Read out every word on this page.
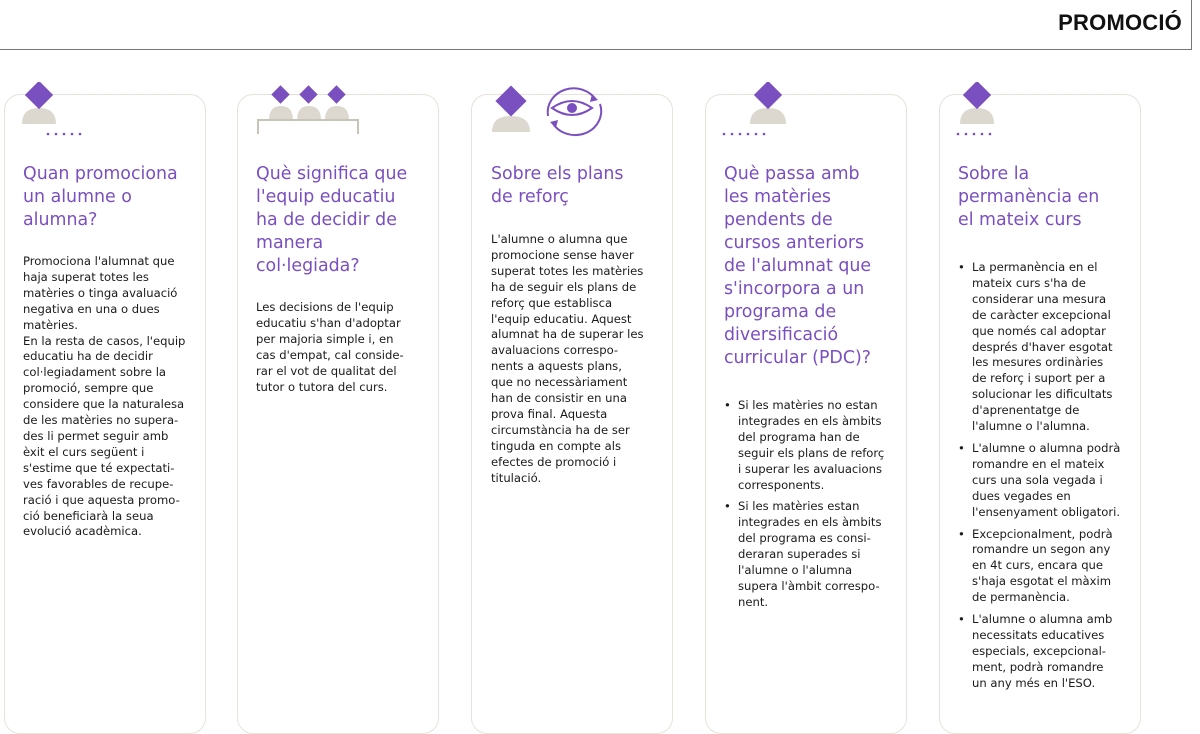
PROMOCIÓ
Quan promociona
un alumne o
alumna?

Promociona l'alumnat que
haja superat totes les
matèries o tinga avaluació
negativa en una o dues
matèries.
En la resta de casos, l'equip
educatiu ha de decidir
col·legiadament sobre la
promoció, sempre que
considere que la naturalesa
de les matèries no supera-
des li permet seguir amb
èxit el curs següent i
s'estime que té expectati-
ves favorables de recupe-
ració i que aquesta promo-
ció beneficiarà la seua
evolució acadèmica.

Què significa que
l'equip educatiu
ha de decidir de
manera
col·legiada?

Les decisions de l'equip
educatiu s'han d'adoptar
per majoria simple i, en
cas d'empat, cal conside-
rar el vot de qualitat del
tutor o tutora del curs.

Sobre els plans
de reforç

L'alumne o alumna que
promocione sense haver
superat totes les matèries
ha de seguir els plans de
reforç que establisca
l'equip educatiu. Aquest
alumnat ha de superar les
avaluacions correspo-
nents a aquests plans,
que no necessàriament
han de consistir en una
prova final. Aquesta
circumstància ha de ser
tinguda en compte als
efectes de promoció i
titulació.

Què passa amb
les matèries
pendents de
cursos anteriors
de l'alumnat que
s'incorpora a un
programa de
diversificació
curricular (PDC)?
• Si les matèries no estan
integrades en els àmbits
del programa han de
seguir els plans de reforç
i superar les avaluacions
corresponents.
• Si les matèries estan
integrades en els àmbits
del programa es consi-
deraran superades si
l'alumne o l'alumna
supera l'àmbit correspo-
nent.
Sobre la
permanència en
el mateix curs
• La permanència en el
mateix curs s'ha de
considerar una mesura
de caràcter excepcional
que només cal adoptar
després d'haver esgotat
les mesures ordinàries
de reforç i suport per a
solucionar les dificultats
d'aprenentatge de
l'alumne o l'alumna.
• L'alumne o alumna podrà
romandre en el mateix
curs una sola vegada i
dues vegades en
l'ensenyament obligatori.
• Excepcionalment, podrà
romandre un segon any
en 4t curs, encara que
s'haja esgotat el màxim
de permanència.
• L'alumne o alumna amb
necessitats educatives
especials, excepcional-
ment, podrà romandre
un any més en l'ESO.
